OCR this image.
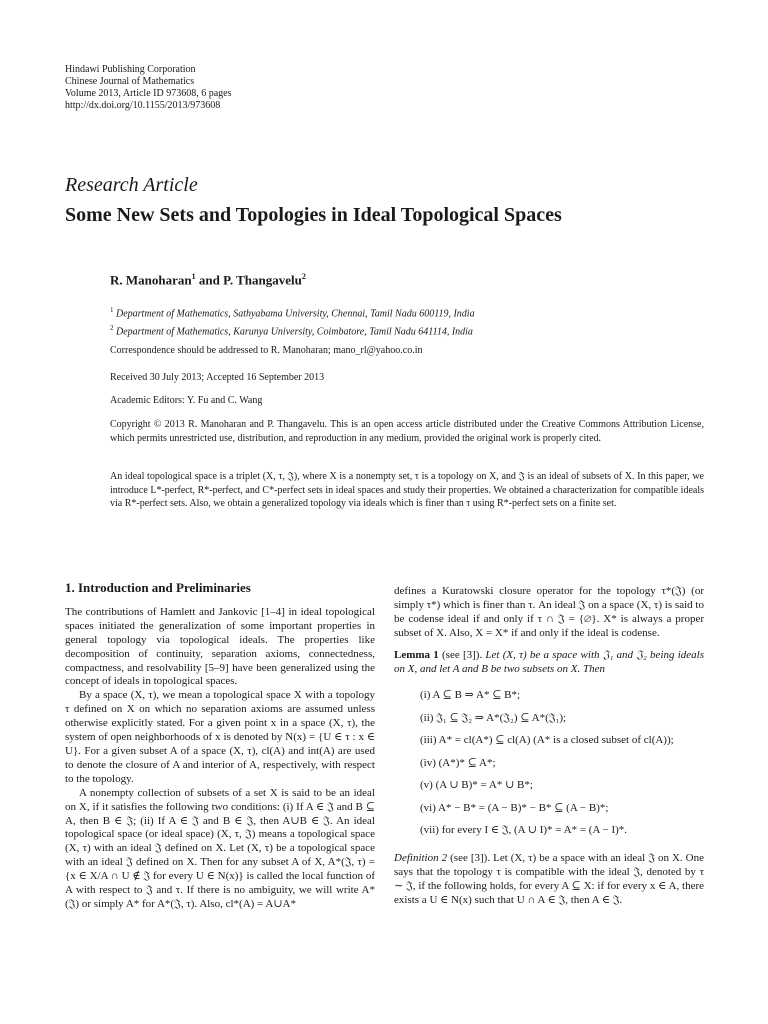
Hindawi Publishing Corporation
Chinese Journal of Mathematics
Volume 2013, Article ID 973608, 6 pages
http://dx.doi.org/10.1155/2013/973608
Research Article
Some New Sets and Topologies in Ideal Topological Spaces
R. Manoharan$^1$ and P. Thangavelu$^2$
$^1$ Department of Mathematics, Sathyabama University, Chennai, Tamil Nadu 600119, India
$^2$ Department of Mathematics, Karunya University, Coimbatore, Tamil Nadu 641114, India
Correspondence should be addressed to R. Manoharan; mano_rl@yahoo.co.in
Received 30 July 2013; Accepted 16 September 2013
Academic Editors: Y. Fu and C. Wang
Copyright © 2013 R. Manoharan and P. Thangavelu. This is an open access article distributed under the Creative Commons Attribution License, which permits unrestricted use, distribution, and reproduction in any medium, provided the original work is properly cited.
An ideal topological space is a triplet (X, τ, 𝔍), where X is a nonempty set, τ is a topology on X, and 𝔍 is an ideal of subsets of X. In this paper, we introduce L*-perfect, R*-perfect, and C*-perfect sets in ideal spaces and study their properties. We obtained a characterization for compatible ideals via R*-perfect sets. Also, we obtain a generalized topology via ideals which is finer than τ using R*-perfect sets on a finite set.
1. Introduction and Preliminaries

The contributions of Hamlett and Jankovic [1–4] in ideal topological spaces initiated the generalization of some important properties in general topology via topological ideals. The properties like decomposition of continuity, separation axioms, connectedness, compactness, and resolvability [5–9] have been generalized using the concept of ideals in topological spaces.

By a space (X, τ), we mean a topological space X with a topology τ defined on X on which no separation axioms are assumed unless otherwise explicitly stated. For a given point x in a space (X, τ), the system of open neighborhoods of x is denoted by N(x) = {U ∈ τ : x ∈ U}. For a given subset A of a space (X, τ), cl(A) and int(A) are used to denote the closure of A and interior of A, respectively, with respect to the topology.

A nonempty collection of subsets of a set X is said to be an ideal on X, if it satisfies the following two conditions: (i) If A ∈ 𝔍 and B ⊆ A, then B ∈ 𝔍; (ii) If A ∈ 𝔍 and B ∈ 𝔍, then A∪B ∈ 𝔍. An ideal topological space (or ideal space) (X, τ, 𝔍) means a topological space (X, τ) with an ideal 𝔍 defined on X. Let (X, τ) be a topological space with an ideal 𝔍 defined on X. Then for any subset A of X, A*(𝔍, τ) = {x ∈ X/A ∩ U ∉ 𝔍 for every U ∈ N(x)} is called the local function of A with respect to 𝔍 and τ. If there is no ambiguity, we will write A*(𝔍) or simply A* for A*(𝔍, τ). Also, cl*(A) = A∪A*

defines a Kuratowski closure operator for the topology τ*(𝔍) (or simply τ*) which is finer than τ. An ideal 𝔍 on a space (X, τ) is said to be codense ideal if and only if τ ∩ 𝔍 = {∅}. X* is always a proper subset of X. Also, X = X* if and only if the ideal is codense.

Lemma 1 (see [3]). Let (X, τ) be a space with 𝔍₁ and 𝔍₂ being ideals on X, and let A and B be two subsets on X. Then

(i) A ⊆ B ⇒ A* ⊆ B*;
(ii) 𝔍₁ ⊆ 𝔍₂ ⇒ A*(𝔍₂) ⊆ A*(𝔍₁);
(iii) A* = cl(A*) ⊆ cl(A) (A* is a closed subset of cl(A));
(iv) (A*)* ⊆ A*;
(v) (A ∪ B)* = A* ∪ B*;
(vi) A* − B* = (A − B)* − B* ⊆ (A − B)*;
(vii) for every I ∈ 𝔍, (A ∪ I)* = A* = (A − I)*.

Definition 2 (see [3]). Let (X, τ) be a space with an ideal 𝔍 on X. One says that the topology τ is compatible with the ideal 𝔍, denoted by τ ∼ 𝔍, if the following holds, for every A ⊆ X: if for every x ∈ A, there exists a U ∈ N(x) such that U ∩ A ∈ 𝔍, then A ∈ 𝔍.
